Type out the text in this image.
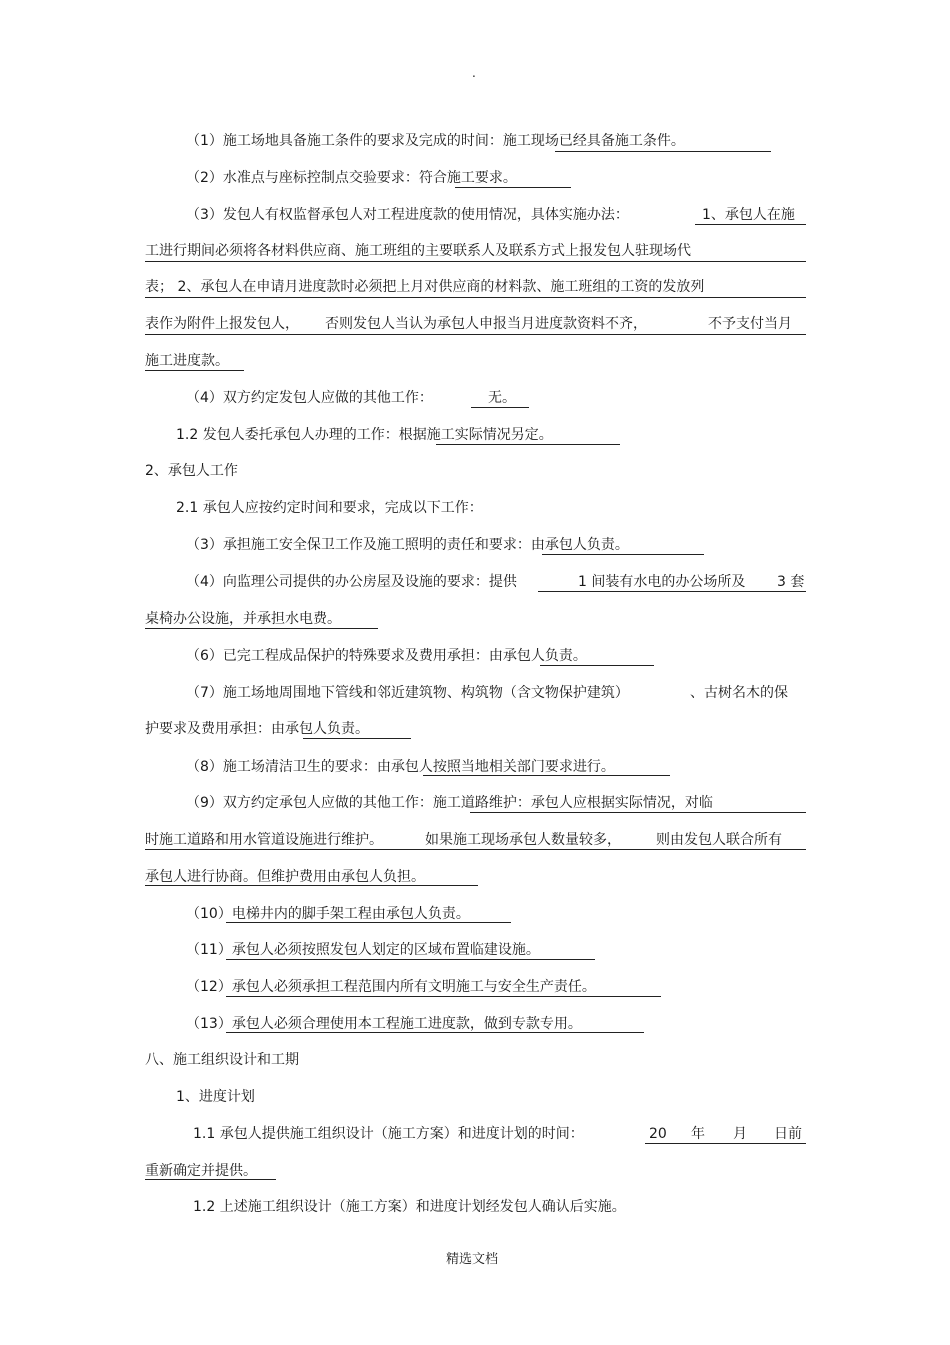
.
（1）施工场地具备施工条件的要求及完成的时间：施工现场已经具备施工条件。
（2）水准点与座标控制点交验要求：符合施工要求。
（3）发包人有权监督承包人对工程进度款的使用情况，具体实施办法：	1、承包人在施
工进行期间必须将各材料供应商、施工班组的主要联系人及联系方式上报发包人驻现场代
表； 2、承包人在申请月进度款时必须把上月对供应商的材料款、施工班组的工资的发放列
表作为附件上报发包人， 否则发包人当认为承包人申报当月进度款资料不齐，	不予支付当月
施工进度款。
（4）双方约定发包人应做的其他工作：	无。
1.2 发包人委托承包人办理的工作：根据施工实际情况另定。
2、承包人工作
2.1 承包人应按约定时间和要求，完成以下工作：
（3）承担施工安全保卫工作及施工照明的责任和要求：由承包人负责。
（4）向监理公司提供的办公房屋及设施的要求：提供	1 间装有水电的办公场所及 3 套
桌椅办公设施，并承担水电费。
（6）已完工程成品保护的特殊要求及费用承担：由承包人负责。
（7）施工场地周围地下管线和邻近建筑物、构筑物（含文物保护建筑）	、古树名木的保
护要求及费用承担：由承包人负责。
（8）施工场清洁卫生的要求：由承包人按照当地相关部门要求进行。
（9）双方约定承包人应做的其他工作：施工道路维护：承包人应根据实际情况，对临
时施工道路和用水管道设施进行维护。	如果施工现场承包人数量较多，	则由发包人联合所有
承包人进行协商。但维护费用由承包人负担。
（10）电梯井内的脚手架工程由承包人负责。
（11）承包人必须按照发包人划定的区域布置临建设施。
（12）承包人必须承担工程范围内所有文明施工与安全生产责任。
（13）承包人必须合理使用本工程施工进度款，做到专款专用。
八、施工组织设计和工期
1、进度计划
1.1 承包人提供施工组织设计（施工方案）和进度计划的时间：	20 年 月 日前
重新确定并提供。
1.2 上述施工组织设计（施工方案）和进度计划经发包人确认后实施。
精选文档
